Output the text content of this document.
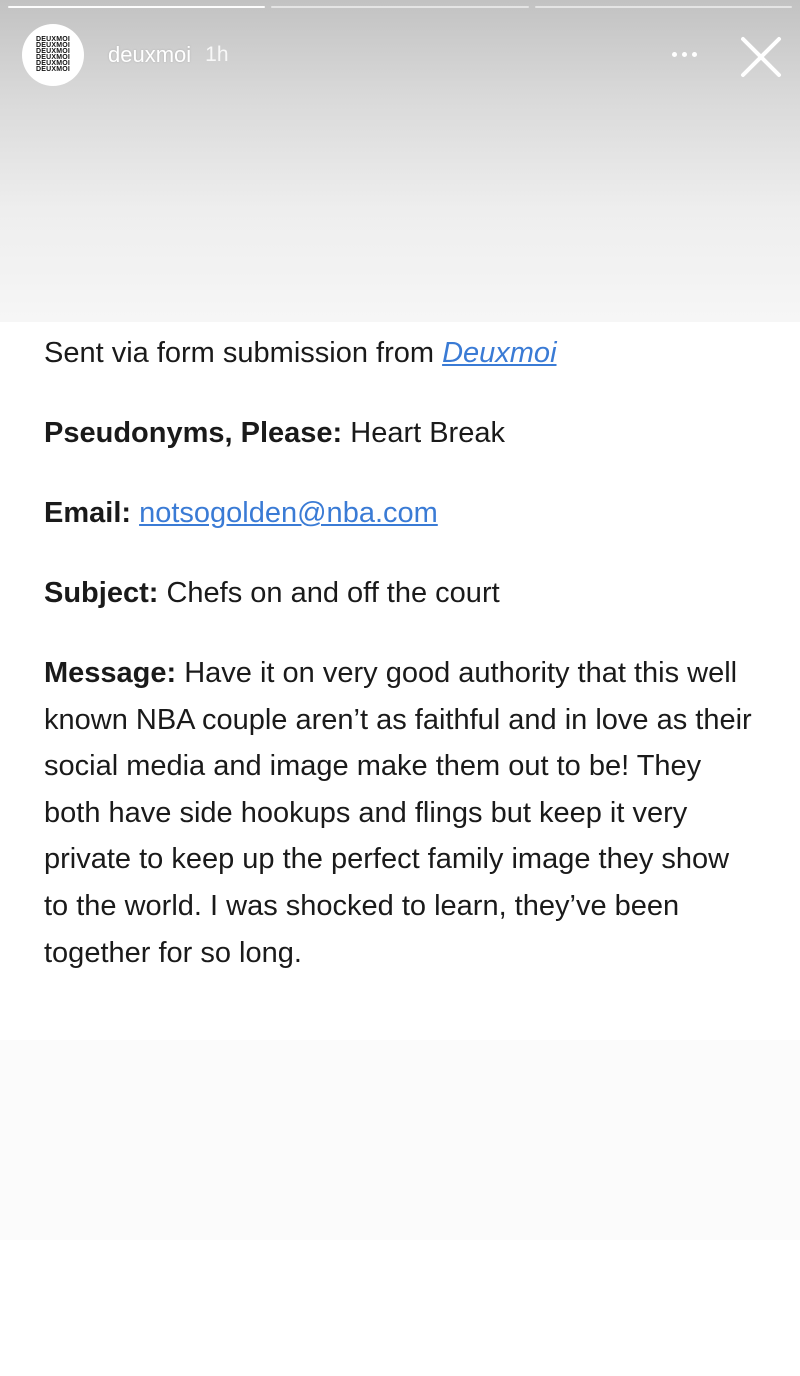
DEUXMOI
DEUXMOI
DEUXMOI
DEUXMOI
DEUXMOI
DEUXMOI
deuxmoi 1h

Sent via form submission from Deuxmoi

Pseudonyms, Please: Heart Break

Email: notsogolden@nba.com

Subject: Chefs on and off the court

Message: Have it on very good authority that this well known NBA couple aren’t as faithful and in love as their social media and image make them out to be! They both have side hookups and flings but keep it very private to keep up the perfect family image they show to the world. I was shocked to learn, they’ve been together for so long.
